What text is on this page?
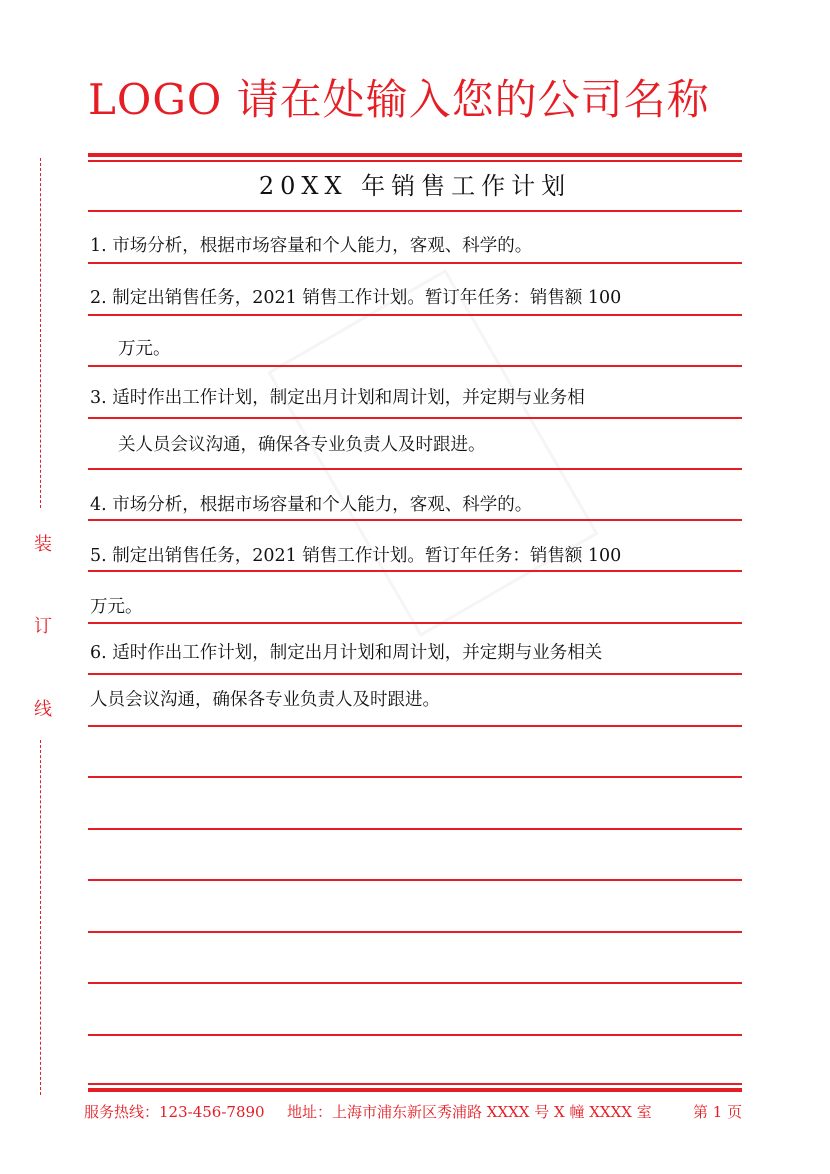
LOGO 请在处输入您的公司名称
20XX 年销售工作计划
1. 市场分析，根据市场容量和个人能力，客观、科学的。
2. 制定出销售任务，2021 销售工作计划。暂订年任务：销售额 100
万元。
3. 适时作出工作计划，制定出月计划和周计划，并定期与业务相
关人员会议沟通，确保各专业负责人及时跟进。
4. 市场分析，根据市场容量和个人能力，客观、科学的。
5. 制定出销售任务，2021 销售工作计划。暂订年任务：销售额 100
万元。
6. 适时作出工作计划，制定出月计划和周计划，并定期与业务相关
人员会议沟通，确保各专业负责人及时跟进。
装
订
线
服务热线：123-456-7890 地址：上海市浦东新区秀浦路 XXXX 号 X 幢 XXXX 室	第 1 页
